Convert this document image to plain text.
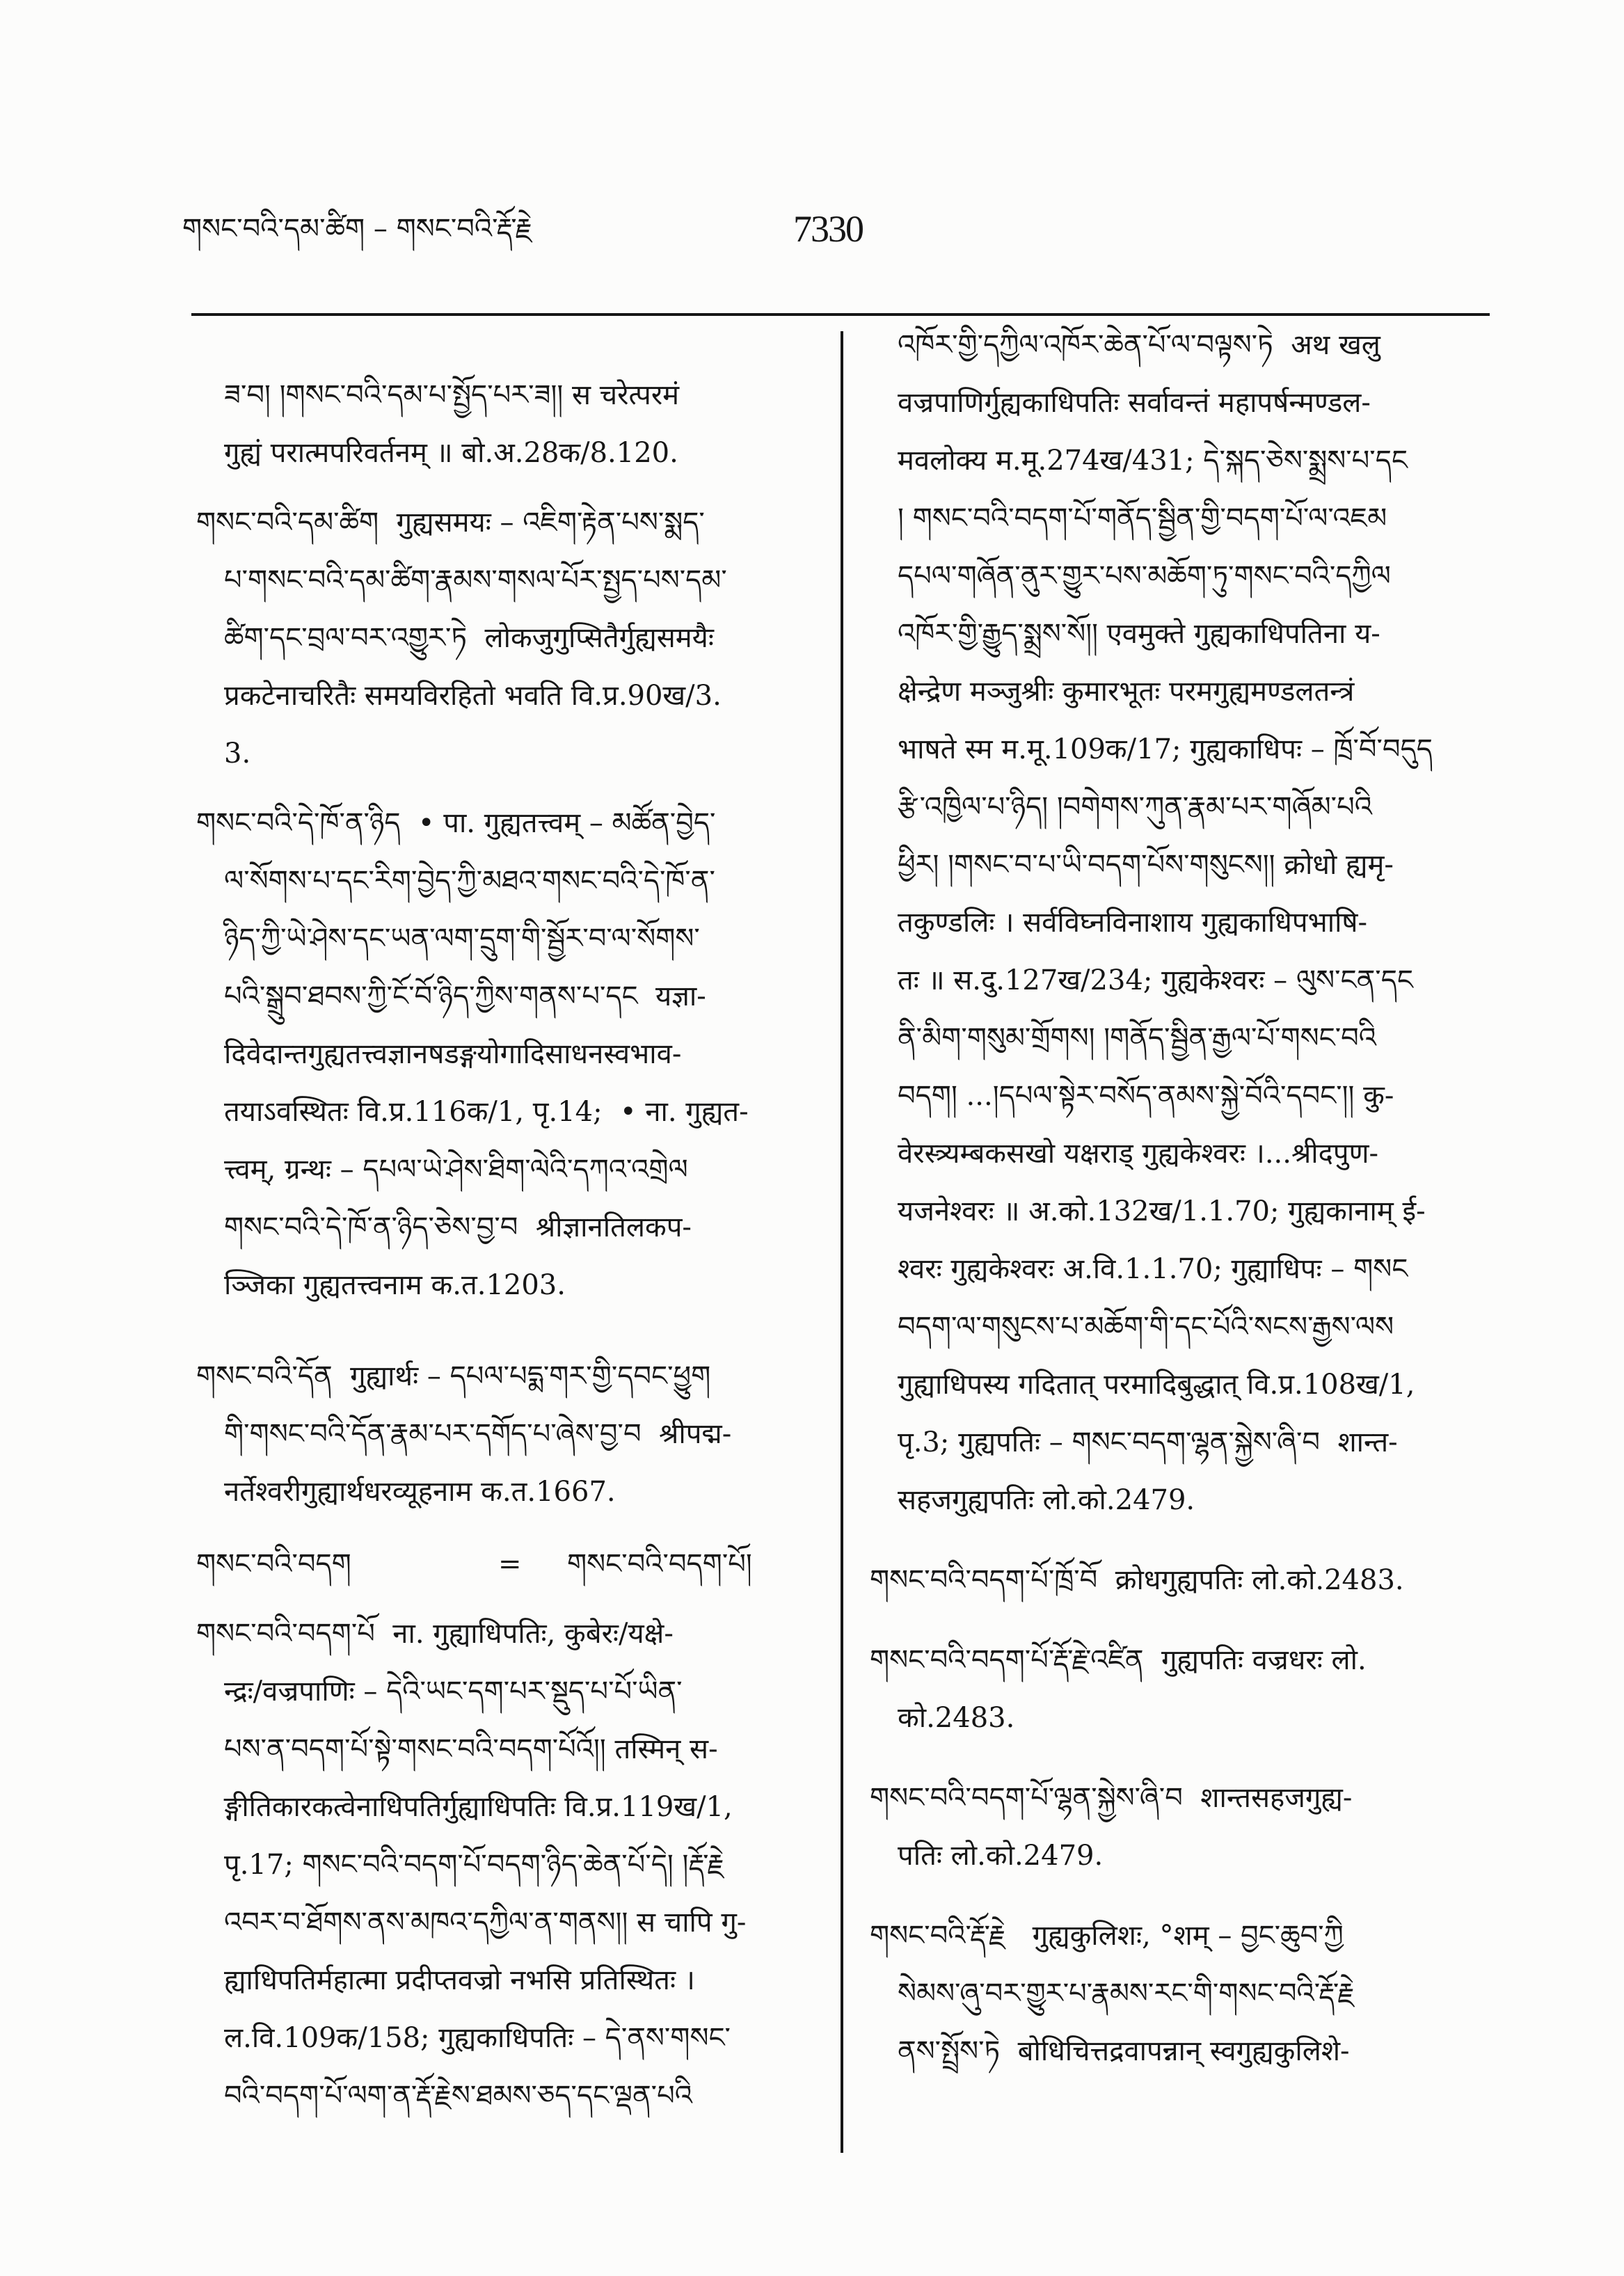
གསང་བའི་དམ་ཚིག – གསང་བའི་རྡོ་རྗེ	7330
ཟ་བ། །གསང་བའི་དམ་པ་སྤྱོད་པར་ཟ།། स चरेत्परमं
गुह्यं परात्मपरिवर्तनम् ॥ बो.अ.28क/8.120.
གསང་བའི་དམ་ཚིག  गुह्यसमयः – འཇིག་རྟེན་པས་སྨད་
པ་གསང་བའི་དམ་ཚིག་རྣམས་གསལ་པོར་སྤྱད་པས་དམ་
ཚིག་དང་བྲལ་བར་འགྱུར་ཏེ  लोकजुगुप्सितैर्गुह्यसमयैः
प्रकटेनाचरितैः समयविरहितो भवति वि.प्र.90ख/3.
3.
གསང་བའི་དེ་ཁོ་ན་ཉིད  • पा. गुह्यतत्त्वम् – མཚོན་བྱེད་
ལ་སོགས་པ་དང་རིག་བྱེད་ཀྱི་མཐའ་གསང་བའི་དེ་ཁོ་ན་
ཉིད་ཀྱི་ཡེ་ཤེས་དང་ཡན་ལག་དྲུག་གི་སྦྱོར་བ་ལ་སོགས་
པའི་སྒྲུབ་ཐབས་ཀྱི་ངོ་བོ་ཉིད་ཀྱིས་གནས་པ་དང  यज्ञा-
दिवेदान्तगुह्यतत्त्वज्ञानषडङ्गयोगादिसाधनस्वभाव-
तयाऽवस्थितः वि.प्र.116क/1, पृ.14;  • ना. गुह्यत-
त्त्वम्, ग्रन्थः – དཔལ་ཡེ་ཤེས་ཐིག་ལེའི་དཀའ་འགྲེལ
གསང་བའི་དེ་ཁོ་ན་ཉིད་ཅེས་བྱ་བ  श्रीज्ञानतिलकप-
ञ्जिका गुह्यतत्त्वनाम क.त.1203.
གསང་བའི་དོན  गुह्यार्थः – དཔལ་པདྨ་གར་གྱི་དབང་ཕྱུག
གི་གསང་བའི་དོན་རྣམ་པར་དགོད་པ་ཞེས་བྱ་བ  श्रीपद्म-
नर्तेश्वरीगुह्यार्थधरव्यूहनाम क.त.1667.
གསང་བའི་བདག	= གསང་བའི་བདག་པོ།
གསང་བའི་བདག་པོ  ना. गुह्याधिपतिः, कुबेरः/यक्षे-
न्द्रः/वज्रपाणिः – དེའི་ཡང་དག་པར་སྡུད་པ་པོ་ཡིན་
པས་ན་བདག་པོ་སྟེ་གསང་བའི་བདག་པོའོ།། तस्मिन् स-
ङ्गीतिकारकत्वेनाधिपतिर्गुह्याधिपतिः वि.प्र.119ख/1,
पृ.17; གསང་བའི་བདག་པོ་བདག་ཉིད་ཆེན་པོ་དེ། །རྡོ་རྗེ
འབར་བ་ཐོགས་ནས་མཁའ་དཀྱིལ་ན་གནས།། स चापि गु-
ह्याधिपतिर्महात्मा प्रदीप्तवज्रो नभसि प्रतिस्थितः ।
ल.वि.109क/158; गुह्यकाधिपतिः – དེ་ནས་གསང་
བའི་བདག་པོ་ལག་ན་རྡོ་རྗེས་ཐམས་ཅད་དང་ལྡན་པའི
འཁོར་གྱི་དཀྱིལ་འཁོར་ཆེན་པོ་ལ་བལྟས་ཏེ  अथ खलु
वज्रपाणिर्गुह्यकाधिपतिः सर्वावन्तं महापर्षन्मण्डल-
मवलोक्य म.मू.274ख/431; དེ་སྐད་ཅེས་སྨྲས་པ་དང
། གསང་བའི་བདག་པོ་གནོད་སྦྱིན་གྱི་བདག་པོ་ལ་འཇམ
དཔལ་གཞོན་ནུར་གྱུར་པས་མཆོག་ཏུ་གསང་བའི་དཀྱིལ
འཁོར་གྱི་རྒྱུད་སྨྲས་སོ།། एवमुक्ते गुह्यकाधिपतिना य-
क्षेन्द्रेण मञ्जुश्रीः कुमारभूतः परमगुह्यमण्डलतन्त्रं
भाषते स्म म.मू.109क/17; गुह्यकाधिपः – ཁྲོ་བོ་བདུད
རྩི་འཁྱིལ་པ་ཉིད། །བགེགས་ཀུན་རྣམ་པར་གཞོམ་པའི
ཕྱིར། །གསང་བ་པ་ཡི་བདག་པོས་གསུངས།། क्रोधो ह्यमृ-
तकुण्डलिः । सर्वविघ्नविनाशाय गुह्यकाधिपभाषि-
तः ॥ स.दु.127ख/234; गुह्यकेश्वरः – ལུས་ངན་དང
ནི་མིག་གསུམ་གྲོགས། །གནོད་སྦྱིན་རྒྱལ་པོ་གསང་བའི
བདག། ...།དཔལ་སྟེར་བསོད་ནམས་སྐྱེ་བོའི་དབང་།། कु-
वेरस्त्र्यम्बकसखो यक्षराड् गुह्यकेश्वरः ।...श्रीदपुण-
यजनेश्वरः ॥ अ.को.132ख/1.1.70; गुह्यकानाम् ई-
श्वरः गुह्यकेश्वरः अ.वि.1.1.70; गुह्याधिपः – གསང
བདག་ལ་གསུངས་པ་མཆོག་གི་དང་པོའི་སངས་རྒྱས་ལས
गुह्याधिपस्य गदितात् परमादिबुद्धात् वि.प्र.108ख/1,
पृ.3; गुह्यपतिः – གསང་བདག་ལྷན་སྐྱེས་ཞི་བ  शान्त-
सहजगुह्यपतिः लो.को.2479.
གསང་བའི་བདག་པོ་ཁྲོ་བོ  क्रोधगुह्यपतिः लो.को.2483.
གསང་བའི་བདག་པོ་རྡོ་རྗེ་འཛིན  गुह्यपतिः वज्रधरः लो.
को.2483.
གསང་བའི་བདག་པོ་ལྷན་སྐྱེས་ཞི་བ  शान्तसहजगुह्य-
पतिः लो.को.2479.
གསང་བའི་རྡོ་རྗེ   गुह्यकुलिशः, °शम् – བྱང་ཆུབ་ཀྱི
སེམས་ཞུ་བར་གྱུར་པ་རྣམས་རང་གི་གསང་བའི་རྡོ་རྗེ
ནས་སྤྲོས་ཏེ  बोधिचित्तद्रवापन्नान् स्वगुह्यकुलिशे-
